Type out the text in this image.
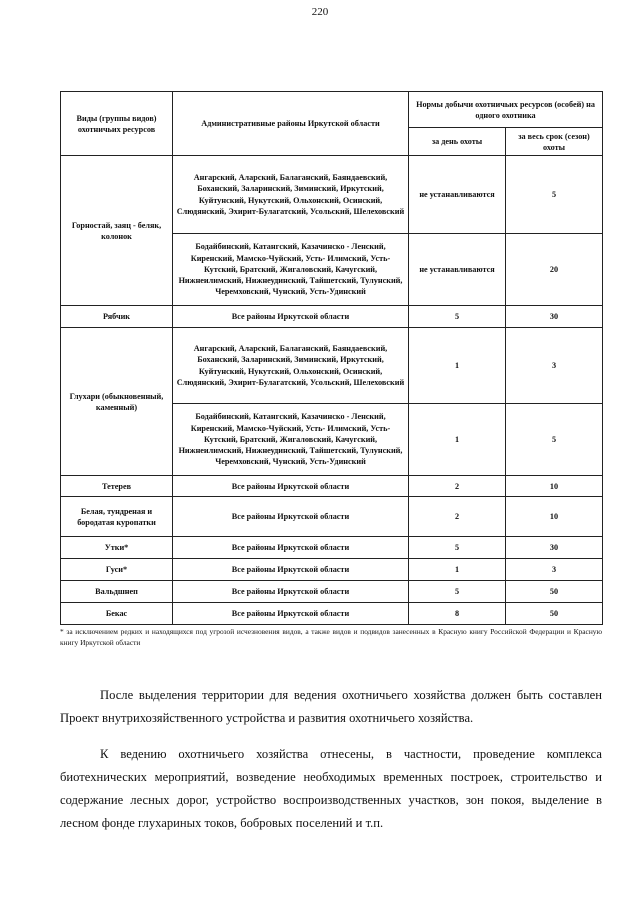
220
Виды (группы видов) охотничьих ресурсов	Административные районы Иркутской области	Нормы добычи охотничьих ресурсов (особей) на одного охотника	
		за день охоты	за весь срок (сезон) охоты
Горностай, заяц - беляк, колонок	Ангарский, Аларский, Балаганский, Баяндаевский, Боханский, Заларинский, Зиминский, Иркутский, Куйтунский, Нукутский, Ольхонский, Осинский, Слюдянский, Эхирит-Булагатский, Усольский, Шелеховский	не устанавливаются	5
	Бодайбинский, Катангский, Казачинско - Ленский, Киренский, Мамско-Чуйский, Усть- Илимский, Усть-Кутский, Братский, Жигаловский, Качугский, Нижнеилимский, Нижнеудинский, Тайшетский, Тулунский, Черемховский, Чунский, Усть-Удинский	не устанавливаются	20
Рябчик	Все районы Иркутской области	5	30
Глухари (обыкновенный, каменный)	Ангарский, Аларский, Балаганский, Баяндаевский, Боханский, Заларинский, Зиминский, Иркутский, Куйтунский, Нукутский, Ольхонский, Осинский, Слюдянский, Эхирит-Булагатский, Усольский, Шелеховский	1	3
	Бодайбинский, Катангский, Казачинско - Ленский, Киренский, Мамско-Чуйский, Усть- Илимский, Усть-Кутский, Братский, Жигаловский, Качугский, Нижнеилимский, Нижнеудинский, Тайшетский, Тулунский, Черемховский, Чунский, Усть-Удинский	1	5
Тетерев	Все районы Иркутской области	2	10
Белая, тундреная и бородатая куропатки	Все районы Иркутской области	2	10
Утки*	Все районы Иркутской области	5	30
Гуси*	Все районы Иркутской области	1	3
Вальдшнеп	Все районы Иркутской области	5	50
Бекас	Все районы Иркутской области	8	50
* за исключением редких и находящихся под угрозой исчезновения видов, а также видов и подвидов занесенных в Красную книгу Российской Федерации и Красную книгу Иркутской области

После выделения территории для ведения охотничьего хозяйства должен быть составлен Проект внутрихозяйственного устройства и развития охотничьего хозяйства.

К ведению охотничьего хозяйства отнесены, в частности, проведение комплекса биотехнических мероприятий, возведение необходимых временных построек, строительство и содержание лесных дорог, устройство воспроизводственных участков, зон покоя, выделение в лесном фонде глухариных токов, бобровых поселений и т.п.
